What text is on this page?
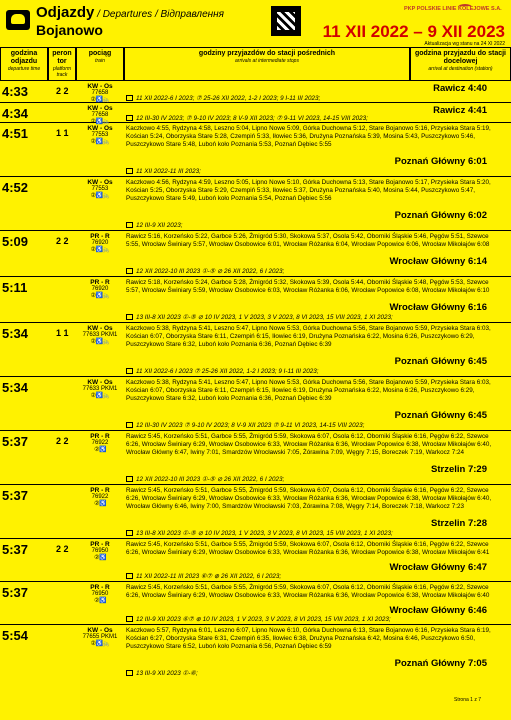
Odjazdy / Departures / Відправлення
Bojanowo
PKP POLSKIE LINIE KOLEJOWE S.A.
11 XII 2022 – 9 XII 2023
Aktualizacja wg stanu na 24 XI 2022
godzina odjazdu
departure time
peron tor
platform track
pociąg
train
godziny przyjazdów do stacji pośrednich
arrivals at intermediate stops
godzina przyjazdu do stacji docelowej
arrival at destination (station)
4:33	2 2	KW - Os
77658
②♿🚲
Rawicz 4:40
11 XII 2022-6 I 2023; ⑦ 25-26 XII 2022, 1-2 I 2023; 9 I-11 III 2023;
4:34	KW - Os
77658
②♿🚲
Rawicz 4:41
12 III-30 IV 2023; ⑦ 9-10 IV 2023; 8 V-9 XII 2023; ⑦ 9-11 VI 2023, 14-15 VIII 2023;
4:51	1 1	KW - Os
77553
②♿🚲
Kaczkowo 4:55, Rydzyna 4:58, Leszno 5:04, Lipno Nowe 5:09, Górka Duchowna 5:12, Stare Bojanowo 5:16, Przysieka Stara 5:19, Kościan 5:24, Oborzyska Stare 5:28, Czempiń 5:33, Iłowiec 5:36, Drużyna Poznańska 5:39, Mosina 5:43, Puszczykowo 5:46, Puszczykowo Stare 5:48, Luboń koło Poznania 5:53, Poznań Dębiec 5:55
Poznań Główny 6:01
11 XII 2022-11 III 2023;
4:52	KW - Os
77553
②♿🚲
Kaczkowo 4:56, Rydzyna 4:59, Leszno 5:05, Lipno Nowe 5:10, Górka Duchowna 5:13, Stare Bojanowo 5:17, Przysieka Stara 5:20, Kościan 5:25, Oborzyska Stare 5:29, Czempiń 5:33, Iłowiec 5:37, Drużyna Poznańska 5:40, Mosina 5:44, Puszczykowo 5:47, Puszczykowo Stare 5:49, Luboń koło Poznania 5:54, Poznań Dębiec 5:56
Poznań Główny 6:02
12 III-9 XII 2023;
5:09	2 2	PR - R
76920
②♿🚲
Rawicz 5:16, Korzeńsko 5:22, Garbce 5:26, Żmigród 5:30, Skokowa 5:37, Osola 5:42, Oborniki Śląskie 5:46, Pęgów 5:51, Szewce 5:55, Wrocław Świniary 5:57, Wrocław Osobowice 6:01, Wrocław Różanka 6:04, Wrocław Popowice 6:06, Wrocław Mikołajów 6:08
Wrocław Główny 6:14
12 XII 2022-10 III 2023 ①-⑤ ⊘ 26 XII 2022, 6 I 2023;
5:11	PR - R
76920
②♿🚲
Rawicz 5:18, Korzeńsko 5:24, Garbce 5:28, Żmigród 5:32, Skokowa 5:39, Osola 5:44, Oborniki Śląskie 5:48, Pęgów 5:53, Szewce 5:57, Wrocław Świniary 5:59, Wrocław Osobowice 6:03, Wrocław Różanka 6:06, Wrocław Popowice 6:08, Wrocław Mikołajów 6:10
Wrocław Główny 6:16
13 III-8 XII 2023 ①-⑤ ⊘ 10 IV 2023, 1 V 2023, 3 V 2023, 8 VI 2023, 15 VIII 2023, 1 XI 2023;
5:34	1 1	KW - Os
77633 PKM1
②♿🚲
Kaczkowo 5:38, Rydzyna 5:41, Leszno 5:47, Lipno Nowe 5:53, Górka Duchowna 5:56, Stare Bojanowo 5:59, Przysieka Stara 6:03, Kościan 6:07, Oborzyska Stare 6:11, Czempiń 6:15, Iłowiec 6:19, Drużyna Poznańska 6:22, Mosina 6:26, Puszczykowo 6:29, Puszczykowo Stare 6:32, Luboń koło Poznania 6:36, Poznań Dębiec 6:39
Poznań Główny 6:45
11 XII 2022-6 I 2023 ⑦ 25-26 XII 2022, 1-2 I 2023; 9 I-11 III 2023;
5:34	KW - Os
77633 PKM1
②♿🚲
Kaczkowo 5:38, Rydzyna 5:41, Leszno 5:47, Lipno Nowe 5:53, Górka Duchowna 5:56, Stare Bojanowo 5:59, Przysieka Stara 6:03, Kościan 6:07, Oborzyska Stare 6:11, Czempiń 6:15, Iłowiec 6:19, Drużyna Poznańska 6:22, Mosina 6:26, Puszczykowo 6:29, Puszczykowo Stare 6:32, Luboń koło Poznania 6:36, Poznań Dębiec 6:39
Poznań Główny 6:45
12 III-30 IV 2023 ⑦ 9-10 IV 2023; 8 V-9 XII 2023 ⑦ 9-11 VI 2023, 14-15 VIII 2023;
5:37	2 2	PR - R
76922
②♿
Rawicz 5:45, Korzeńsko 5:51, Garbce 5:55, Żmigród 5:59, Skokowa 6:07, Osola 6:12, Oborniki Śląskie 6:16, Pęgów 6:22, Szewce 6:26, Wrocław Świniary 6:29, Wrocław Osobowice 6:33, Wrocław Różanka 6:36, Wrocław Popowice 6:38, Wrocław Mikołajów 6:40, Wrocław Główny 6:47, Iwiny 7:01, Smardzów Wrocławski 7:05, Żórawina 7:09, Węgry 7:15, Boreczek 7:19, Warkocz 7:24
Strzelin 7:29
12 XII 2022-10 III 2023 ①-⑤ ⊘ 26 XII 2022, 6 I 2023;
5:37	PR - R
76922
②♿
Rawicz 5:45, Korzeńsko 5:51, Garbce 5:55, Żmigród 5:59, Skokowa 6:07, Osola 6:12, Oborniki Śląskie 6:16, Pęgów 6:22, Szewce 6:26, Wrocław Świniary 6:29, Wrocław Osobowice 6:33, Wrocław Różanka 6:36, Wrocław Popowice 6:38, Wrocław Mikołajów 6:40, Wrocław Główny 6:46, Iwiny 7:00, Smardzów Wrocławski 7:03, Żórawina 7:08, Węgry 7:14, Boreczek 7:18, Warkocz 7:23
Strzelin 7:28
13 III-8 XII 2023 ①-⑤ ⊘ 10 IV 2023, 1 V 2023, 3 V 2023, 8 VI 2023, 15 VIII 2023, 1 XI 2023;
5:37	2 2	PR - R
76950
②♿
Rawicz 5:45, Korzeńsko 5:51, Garbce 5:55, Żmigród 5:59, Skokowa 6:07, Osola 6:12, Oborniki Śląskie 6:16, Pęgów 6:22, Szewce 6:26, Wrocław Świniary 6:29, Wrocław Osobowice 6:33, Wrocław Różanka 6:36, Wrocław Popowice 6:38, Wrocław Mikołajów 6:41
Wrocław Główny 6:47
11 XII 2022-11 III 2023 ⑥⑦ ⊕ 26 XII 2022, 6 I 2023;
5:37	PR - R
76950
②♿
Rawicz 5:45, Korzeńsko 5:51, Garbce 5:55, Żmigród 5:59, Skokowa 6:07, Osola 6:12, Oborniki Śląskie 6:16, Pęgów 6:22, Szewce 6:26, Wrocław Świniary 6:29, Wrocław Osobowice 6:33, Wrocław Różanka 6:36, Wrocław Popowice 6:38, Wrocław Mikołajów 6:40
Wrocław Główny 6:46
12 III-9 XII 2023 ⑥⑦ ⊕ 10 IV 2023, 1 V 2023, 3 V 2023, 8 VI 2023, 15 VIII 2023, 1 XI 2023;
5:54	KW - Os
77655 PKM1
②♿🚲
Kaczkowo 5:57, Rydzyna 6:01, Leszno 6:07, Lipno Nowe 6:10, Górka Duchowna 6:13, Stare Bojanowo 6:16, Przysieka Stara 6:19, Kościan 6:27, Oborzyska Stare 6:31, Czempiń 6:35, Iłowiec 6:38, Drużyna Poznańska 6:42, Mosina 6:46, Puszczykowo 6:50, Puszczykowo Stare 6:52, Luboń koło Poznania 6:56, Poznań Dębiec 6:59
Poznań Główny 7:05
13 III-9 XII 2023 ①-⑥;
Strona 1 z 7
